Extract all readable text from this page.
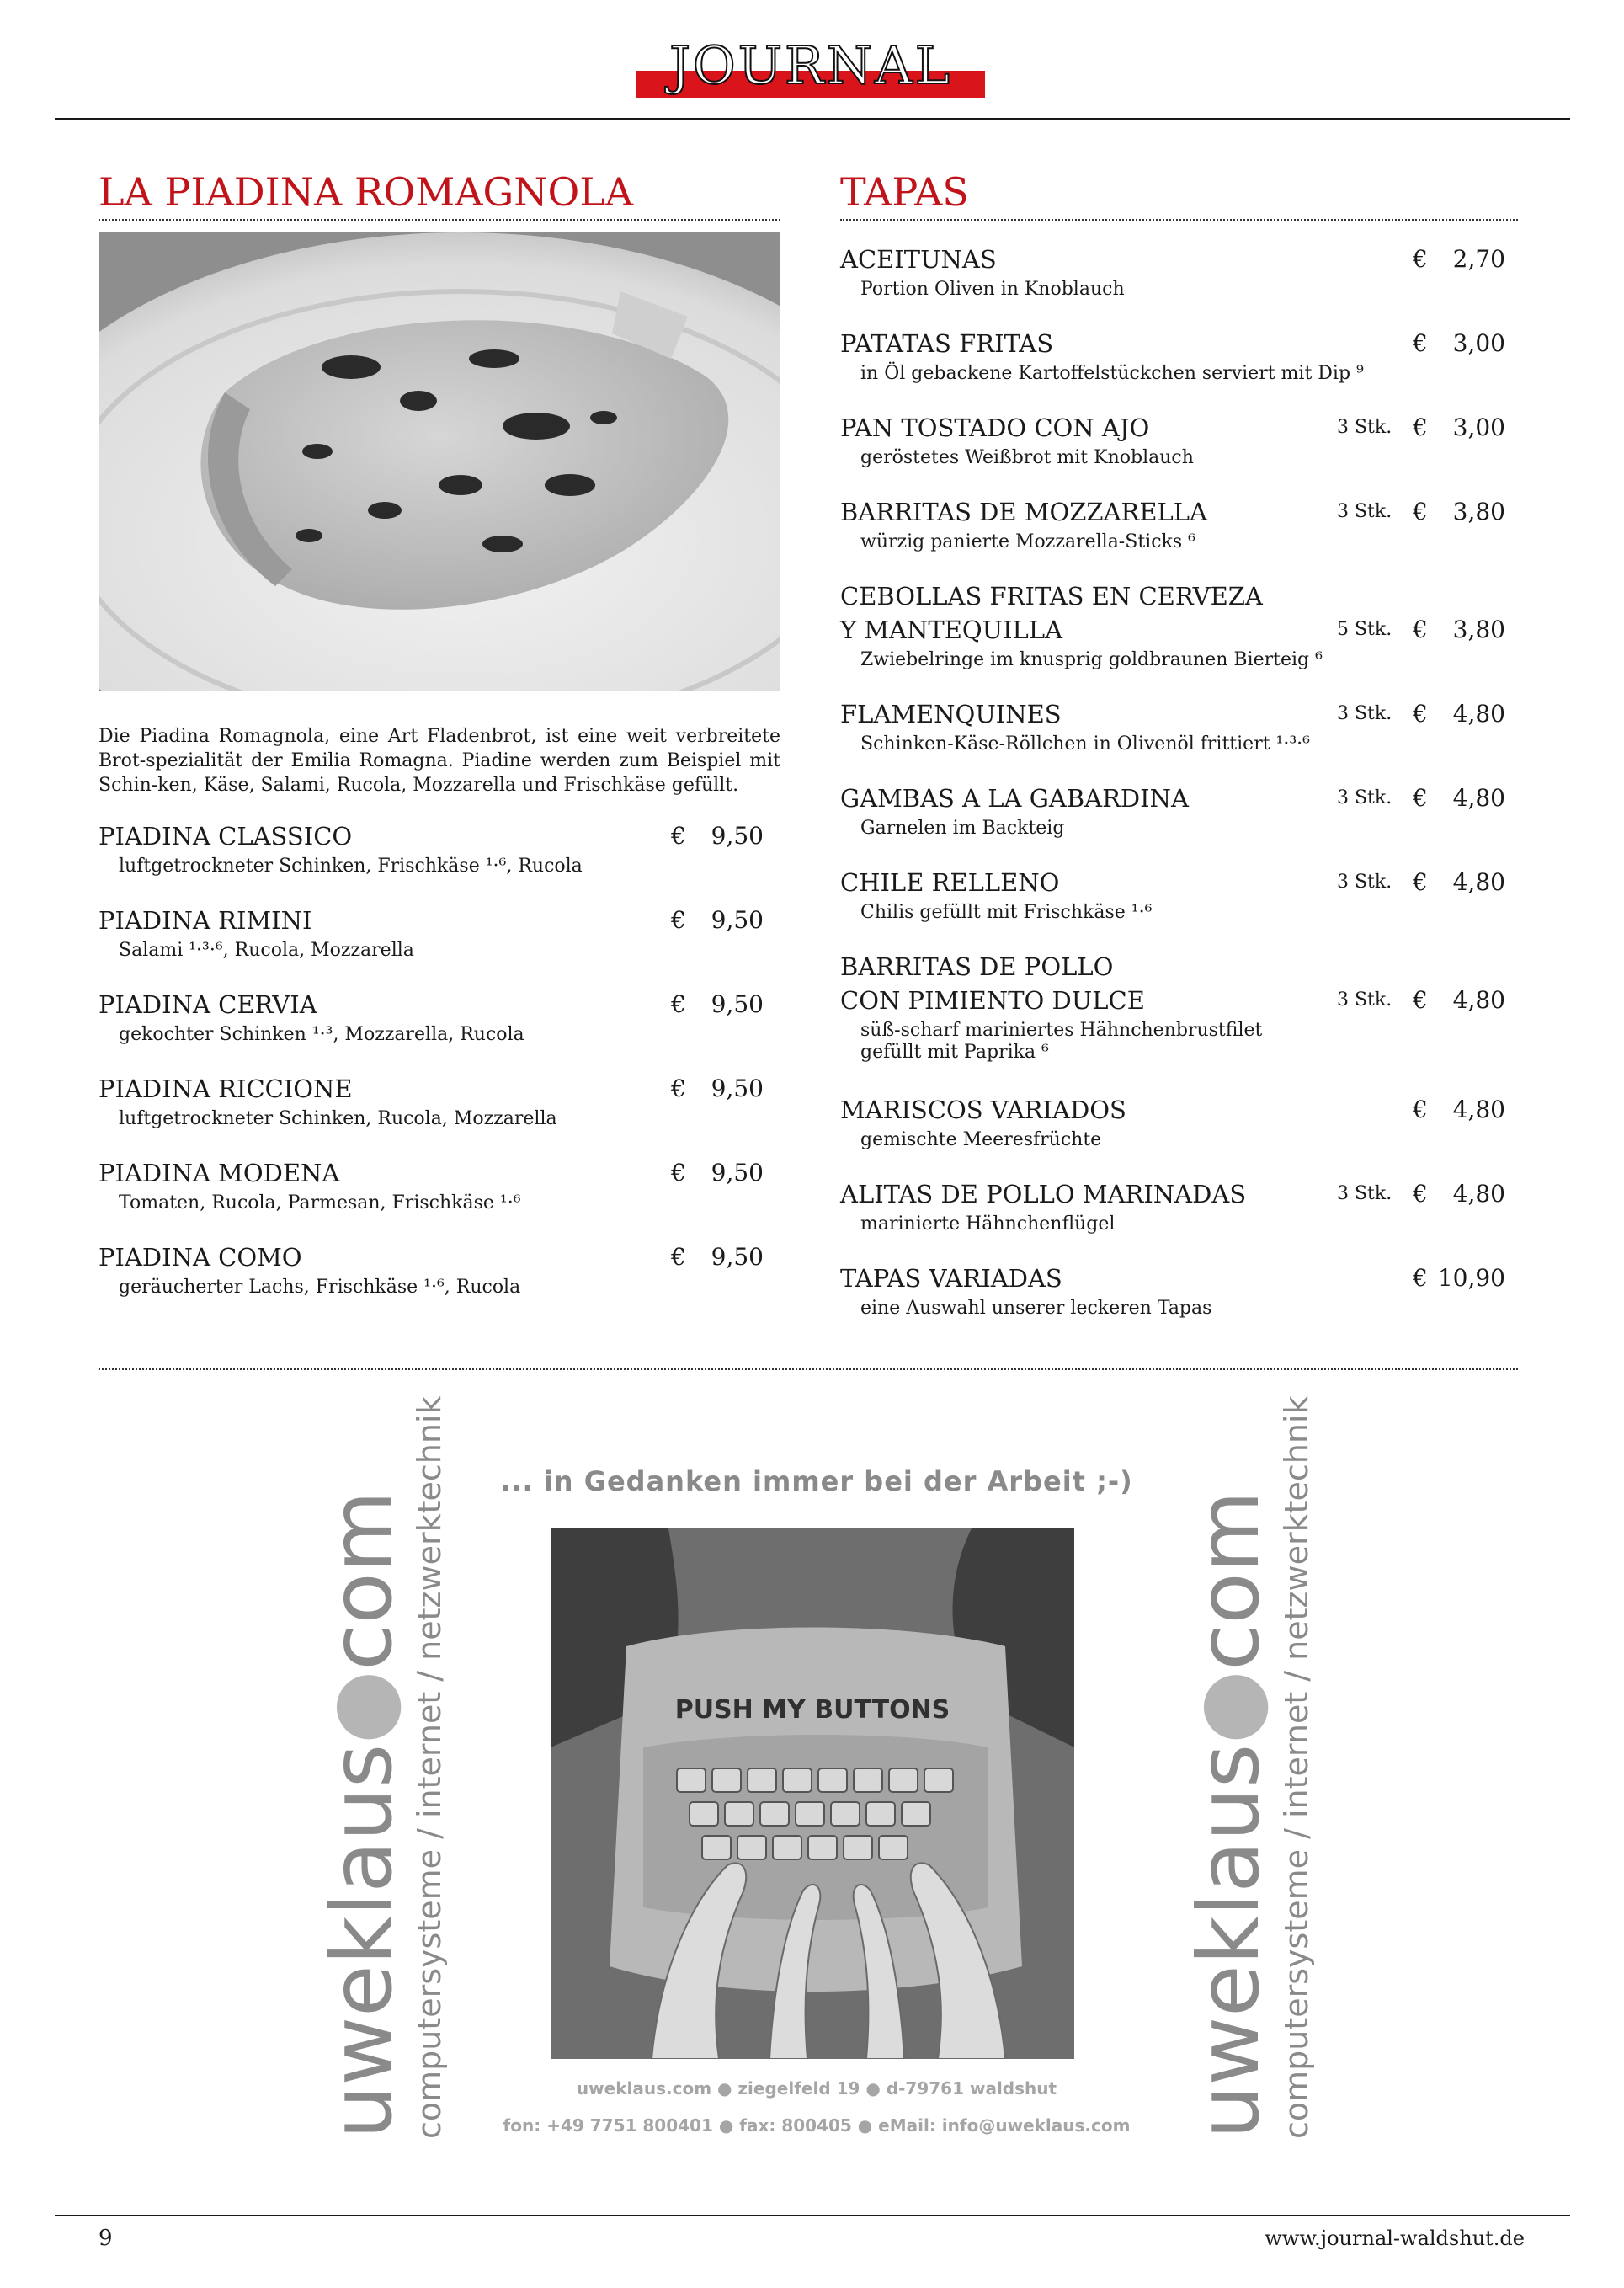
JOURNAL
LA PIADINA ROMAGNOLA
Die Piadina Romagnola, eine Art Fladenbrot, ist eine weit verbreitete Brot-spezialität der Emilia Romagna. Piadine werden zum Beispiel mit Schin-ken, Käse, Salami, Rucola, Mozzarella und Frischkäse gefüllt.
PIADINA CLASSICO	€	9,50
luftgetrockneter Schinken, Frischkäse ¹·⁶, Rucola
PIADINA RIMINI	€	9,50
Salami ¹·³·⁶, Rucola, Mozzarella
PIADINA CERVIA	€	9,50
gekochter Schinken ¹·³, Mozzarella, Rucola
PIADINA RICCIONE	€	9,50
luftgetrockneter Schinken, Rucola, Mozzarella
PIADINA MODENA	€	9,50
Tomaten, Rucola, Parmesan, Frischkäse ¹·⁶
PIADINA COMO	€	9,50
geräucherter Lachs, Frischkäse ¹·⁶, Rucola
TAPAS
ACEITUNAS	€	2,70
Portion Oliven in Knoblauch
PATATAS FRITAS	€	3,00
in Öl gebackene Kartoffelstückchen serviert mit Dip ⁹
PAN TOSTADO CON AJO	3 Stk. €	3,00
geröstetes Weißbrot mit Knoblauch
BARRITAS DE MOZZARELLA	3 Stk. €	3,80
würzig panierte Mozzarella-Sticks ⁶
CEBOLLAS FRITAS EN CERVEZA
Y MANTEQUILLA	5 Stk. €	3,80
Zwiebelringe im knusprig goldbraunen Bierteig ⁶
FLAMENQUINES	3 Stk. €	4,80
Schinken-Käse-Röllchen in Olivenöl frittiert ¹·³·⁶
GAMBAS A LA GABARDINA	3 Stk. €	4,80
Garnelen im Backteig
CHILE RELLENO	3 Stk. €	4,80
Chilis gefüllt mit Frischkäse ¹·⁶
BARRITAS DE POLLO
CON PIMIENTO DULCE	3 Stk. €	4,80
süß-scharf mariniertes Hähnchenbrustfilet
gefüllt mit Paprika ⁶
MARISCOS VARIADOS	€	4,80
gemischte Meeresfrüchte
ALITAS DE POLLO MARINADAS	3 Stk. €	4,80
marinierte Hähnchenflügel
TAPAS VARIADAS	€ 10,90
eine Auswahl unserer leckeren Tapas
uweklaus●com computersysteme / internet / netzwerktechnik	... in Gedanken immer bei der Arbeit ;-)
PUSH MY BUTTONS
uweklaus.com ● ziegelfeld 19 ● d-79761 waldshut
fon: +49 7751 800401 ● fax: 800405 ● eMail: info@uweklaus.com uweklaus●com computersysteme / internet / netzwerktechnik
9	www.journal-waldshut.de
